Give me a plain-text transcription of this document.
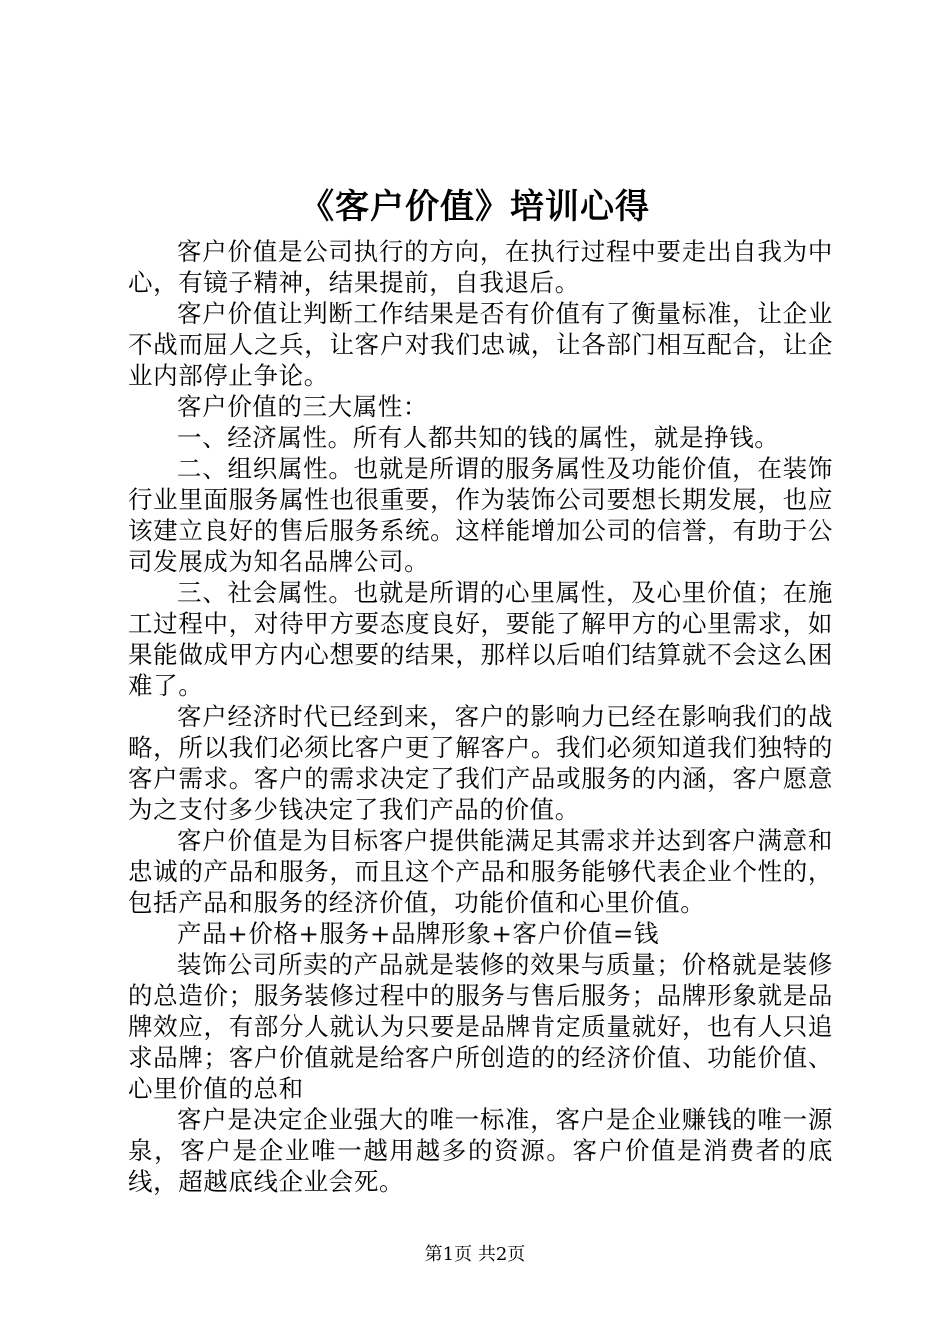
《客户价值》培训心得

客户价值是公司执行的方向，在执行过程中要走出自我为中心，有镜子精神，结果提前，自我退后。

客户价值让判断工作结果是否有价值有了衡量标准，让企业不战而屈人之兵，让客户对我们忠诚，让各部门相互配合，让企业内部停止争论。

客户价值的三大属性：

一、经济属性。所有人都共知的钱的属性，就是挣钱。

二、组织属性。也就是所谓的服务属性及功能价值，在装饰行业里面服务属性也很重要，作为装饰公司要想长期发展，也应该建立良好的售后服务系统。这样能增加公司的信誉，有助于公司发展成为知名品牌公司。

三、社会属性。也就是所谓的心里属性，及心里价值；在施工过程中，对待甲方要态度良好，要能了解甲方的心里需求，如果能做成甲方内心想要的结果，那样以后咱们结算就不会这么困难了。

客户经济时代已经到来，客户的影响力已经在影响我们的战略，所以我们必须比客户更了解客户。我们必须知道我们独特的客户需求。客户的需求决定了我们产品或服务的内涵，客户愿意为之支付多少钱决定了我们产品的价值。

客户价值是为目标客户提供能满足其需求并达到客户满意和忠诚的产品和服务，而且这个产品和服务能够代表企业个性的，包括产品和服务的经济价值，功能价值和心里价值。

产品+价格+服务+品牌形象+客户价值=钱

装饰公司所卖的产品就是装修的效果与质量；价格就是装修的总造价；服务装修过程中的服务与售后服务；品牌形象就是品牌效应，有部分人就认为只要是品牌肯定质量就好，也有人只追求品牌；客户价值就是给客户所创造的的经济价值、功能价值、心里价值的总和

客户是决定企业强大的唯一标准，客户是企业赚钱的唯一源泉，客户是企业唯一越用越多的资源。客户价值是消费者的底线，超越底线企业会死。

第1页 共2页
